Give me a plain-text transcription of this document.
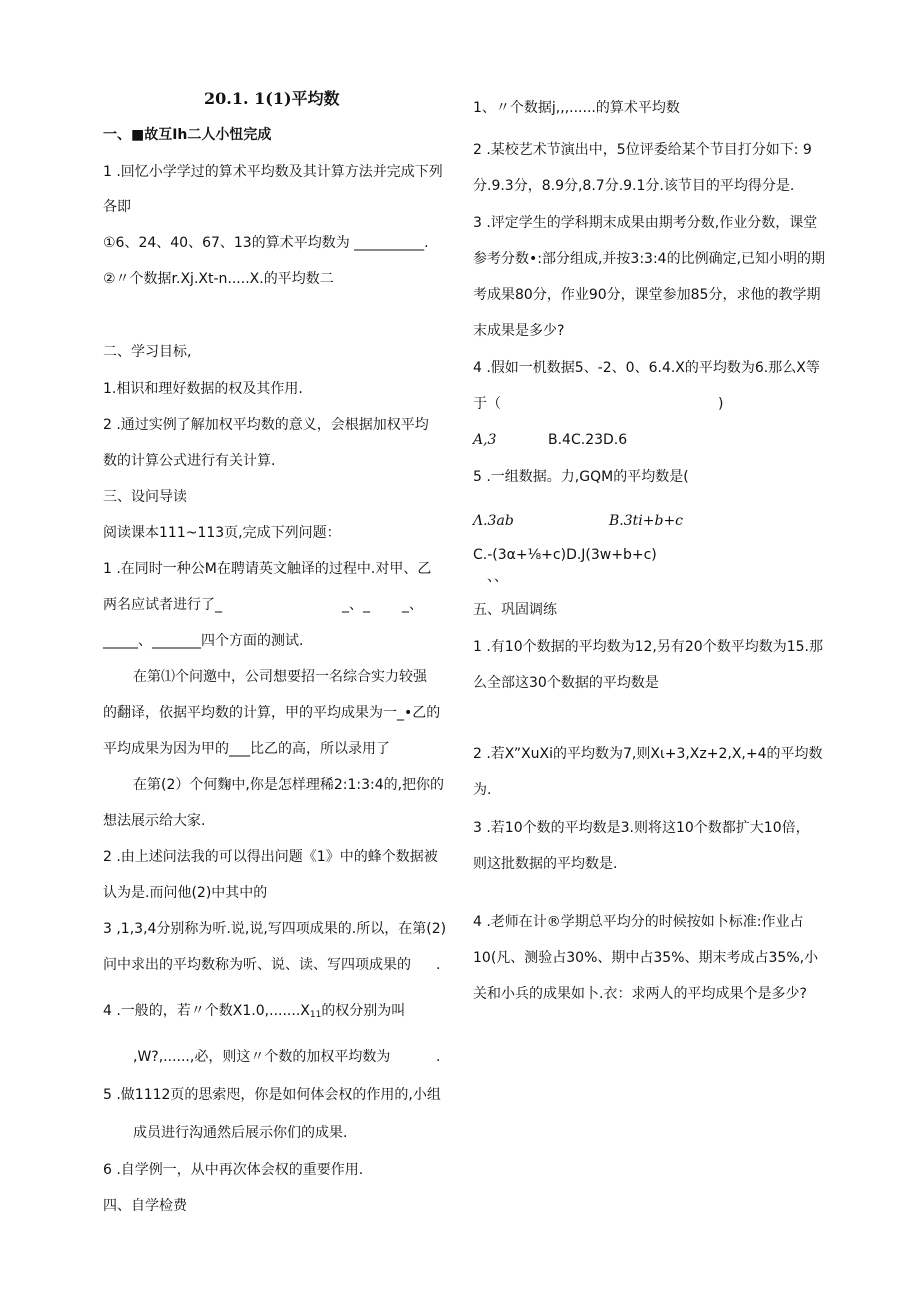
20.1. 1(1)平均数
一、■故互Ih二人小忸完成
1 .回忆小学学过的算术平均数及其计算方法并完成下列
各即
①6、24、40、67、13的算术平均数为 __________.
②〃个数据r.Xj.Xt-n.....X.的平均数二
二、学习目标,
1.相识和理好数据的权及其作用.
2 .通过实例了解加权平均数的意义，会根据加权平均
数的计算公式进行有关计算.
三、设问导读
阅读课本111~113页,完成下列问题：
1 .在同时一种公M在聘请英文触译的过程中.对甲、乙
两名应试者进行了_	_、_ _、
_____、_______四个方面的测试.
在第⑴个问邀中，公司想要招一名综合实力较强
的翻译，依据平均数的计算，甲的平均成果为一_•乙的
平均成果为因为甲的___比乙的高，所以录用了
在第(2）个何麴中,你是怎样理稀2:1:3:4的,把你的
想法展示给大家.
2 .由上述问法我的可以得出问题《1》中的蜂个数据被
认为是.而问他(2)中其中的
3 ,1,3,4分别称为听.说,说,写四项成果的.所以，在第(2)
问中求出的平均数称为听、说、读、写四项成果的 .
4 .一般的，若〃个数$X1.0,.......X_{11}$的权分别为叫
,W?,......,必，则这〃个数的加权平均数为	.
5 .做1112页的思索咫，你是如何体会权的作用的,小组
成员进行沟通然后展示你们的成果.
6 .自学例一，从中再次体会权的重要作用.
四、自学检费
1、〃个数据j,,,......的算术平均数
2 .某校艺术节演出中，5位评委给某个节目打分如下: 9
分.9.3分，8.9分,8.7分.9.1分.该节目的平均得分是.
3 .评定学生的学科期末成果由期考分数,作业分数，课堂
参考分数•:部分组成,并按3:3:4的比例确定,已知小明的期
考成果80分，作业90分，课堂参加85分，求他的教学期
末成果是多少?
4 .假如一机数据5、-2、0、6.4.X的平均数为6.那么X等
于（	)
A,3	B.4C.23D.6
5 .一组数据。力,GQM的平均数是(
Λ.3ab	B.3ti+b+c
C.-(3α+⅛+c)D.J(3w+b+c)
、、
五、巩固调练
1 .有10个数据的平均数为12,另有20个数平均数为15.那
么全部这30个数据的平均数是
2 .若X”XuXi的平均数为7,则Xι+3,Xz+2,X,+4的平均数
为.
3 .若10个数的平均数是3.则将这10个数都扩大10倍，
则这批数据的平均数是.
4 .老师在计®学期总平均分的时候按如卜标准:作业占
10(凡、测验占30%、期中占35%、期末考成占35%,小
关和小兵的成果如卜.衣：求两人的平均成果个是多少?
